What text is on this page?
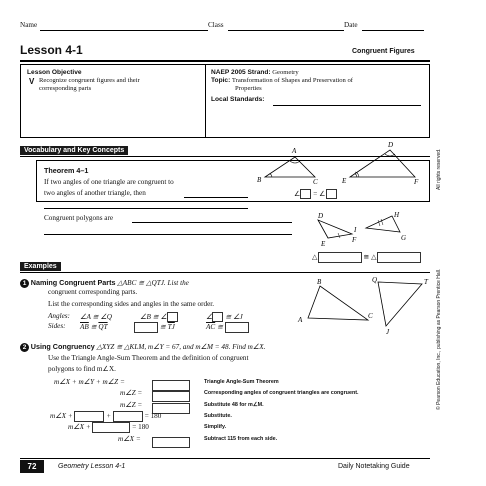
Name	Class	Date
Lesson 4-1	Congruent Figures
Lesson Objective
V Recognize congruent figures and their
corresponding parts
NAEP 2005 Strand: Geometry
Topic: Transformation of Shapes and Preservation of
Properties
Local Standards:
Vocabulary and Key Concepts
Theorem 4–1
If two angles of one triangle are congruent to
two angles of another triangle, then
A
B	C
D
E	F
∠ = ∠
Congruent polygons are	D	H
I
E	F	G
△	≅ △
Examples
1 Naming Congruent Parts △ABC ≅ △QTJ. List the
congruent corresponding parts.
List the corresponding sides and angles in the same order.
Angles: ∠A ≅ ∠Q	∠B ≅ ∠	∠ ≅ ∠J
Sides: $\overline{AB}$ ≅ $\overline{QT}$	≅ $\overline{TJ}$	$\overline{AC}$ ≅
Q	T
B
A	C
J
2 Using Congruency △XYZ ≅ △KLM, m∠Y = 67, and m∠M = 48. Find m∠X.
Use the Triangle Angle-Sum Theorem and the definition of congruent
polygons to find m∠X.
m∠X + m∠Y + m∠Z =	Triangle Angle-Sum Theorem
m∠Z =	Corresponding angles of congruent triangles are congruent.
m∠Z =	Substitute 48 for m∠M.
m∠X +	+	= 180	Substitute.
m∠X +	= 180	Simplify.
m∠X =	Subtract 115 from each side.
72	Geometry Lesson 4-1	Daily Notetaking Guide
All rights reserved.
© Pearson Education, Inc., publishing as Pearson Prentice Hall.
